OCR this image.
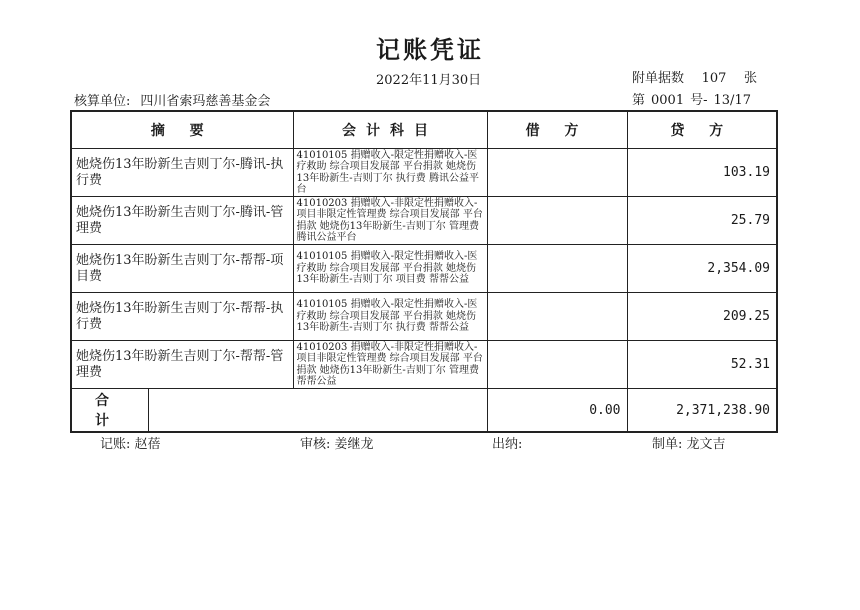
记账凭证
2022年11月30日	附单据数 107 张
核算单位: 四川省索玛慈善基金会	第 0001 号- 13/17
摘 要	会计科目	借 方	贷 方
她烧伤13年盼新生吉则丁尔-腾讯-执行费	41010105 捐赠收入-限定性捐赠收入-医疗救助 综合项目发展部 平台捐款 她烧伤13年盼新生-吉则丁尔 执行费 腾讯公益平台		103.19
她烧伤13年盼新生吉则丁尔-腾讯-管理费	41010203 捐赠收入-非限定性捐赠收入-项目非限定性管理费 综合项目发展部 平台捐款 她烧伤13年盼新生-吉则丁尔 管理费 腾讯公益平台		25.79
她烧伤13年盼新生吉则丁尔-帮帮-项目费	41010105 捐赠收入-限定性捐赠收入-医疗救助 综合项目发展部 平台捐款 她烧伤13年盼新生-吉则丁尔 项目费 帮帮公益		2,354.09
她烧伤13年盼新生吉则丁尔-帮帮-执行费	41010105 捐赠收入-限定性捐赠收入-医疗救助 综合项目发展部 平台捐款 她烧伤13年盼新生-吉则丁尔 执行费 帮帮公益		209.25
她烧伤13年盼新生吉则丁尔-帮帮-管理费	41010203 捐赠收入-非限定性捐赠收入-项目非限定性管理费 综合项目发展部 平台捐款 她烧伤13年盼新生-吉则丁尔 管理费 帮帮公益		52.31

合 计		0.00	2,371,238.90
记账: 赵蓓	审核: 姜继龙	出纳:	制单: 龙文吉
